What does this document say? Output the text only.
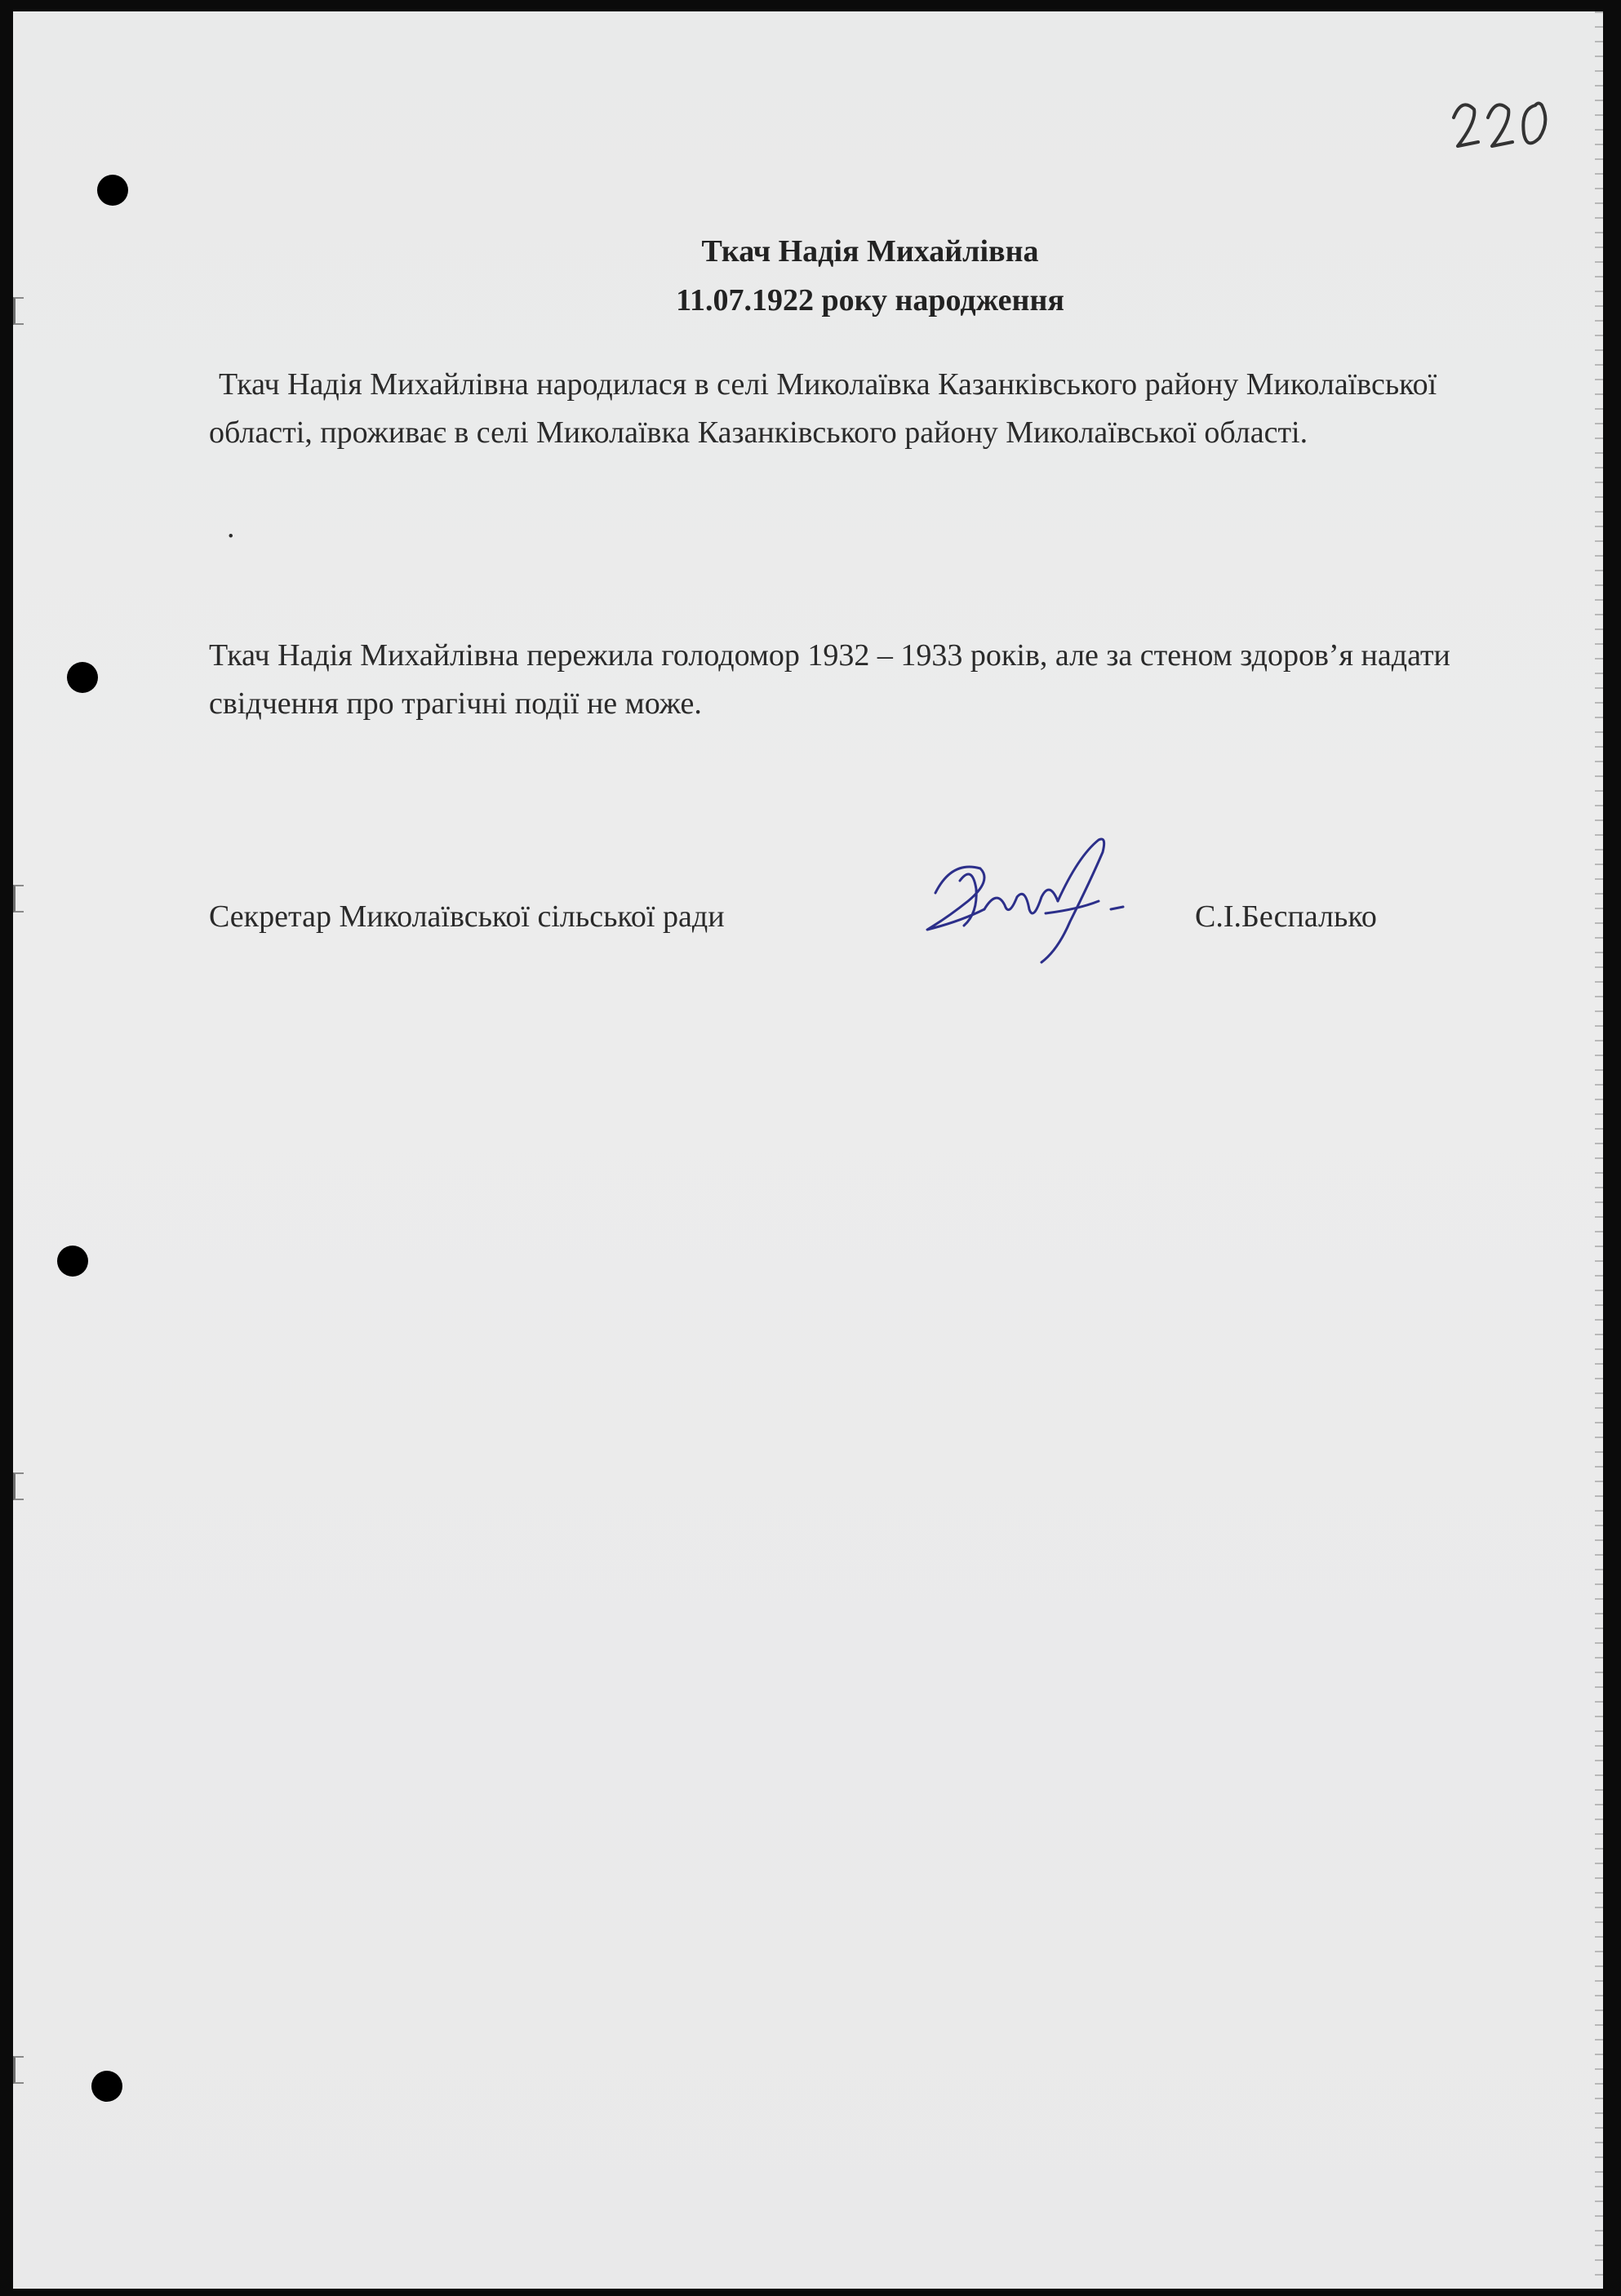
Ткач Надія Михайлівна
11.07.1922 року народження
Ткач Надія Михайлівна народилася в селі Миколаївка Казанківського району Миколаївської області, проживає в селі Миколаївка Казанківського району Миколаївської області.
.
Ткач Надія Михайлівна пережила голодомор 1932 – 1933 років, але за стеном здоров’я надати свідчення про трагічні події не може.
Секретар Миколаївської сільської ради	С.І.Беспалько
